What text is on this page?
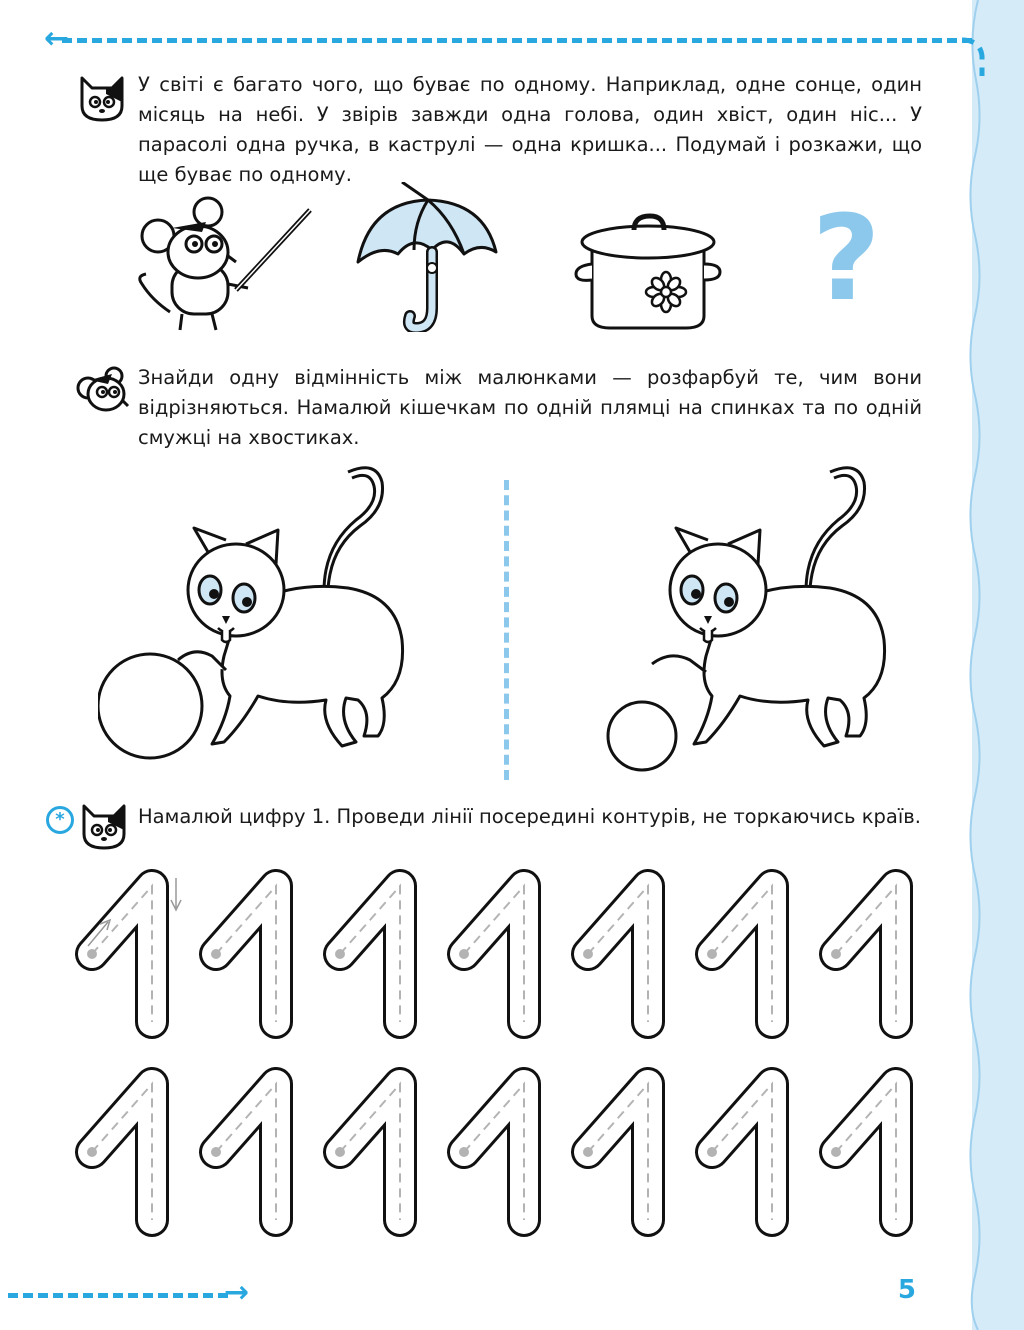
←
У світі є багато чого, що буває по одному. Наприклад, одне сонце, один місяць на небі. У звірів завжди одна голова, один хвіст, один ніс... У парасолі одна ручка, в каструлі — одна кришка... Подумай і розкажи, що ще буває по одному.
?
Знайди одну відмінність між малюнками — розфарбуй те, чим вони відрізняються. Намалюй кішечкам по одній плямці на спинках та по одній смужці на хвостиках.
*	Намалюй цифру 1. Проведи лінії посередині контурів, не торкаючись країв.
→	5
